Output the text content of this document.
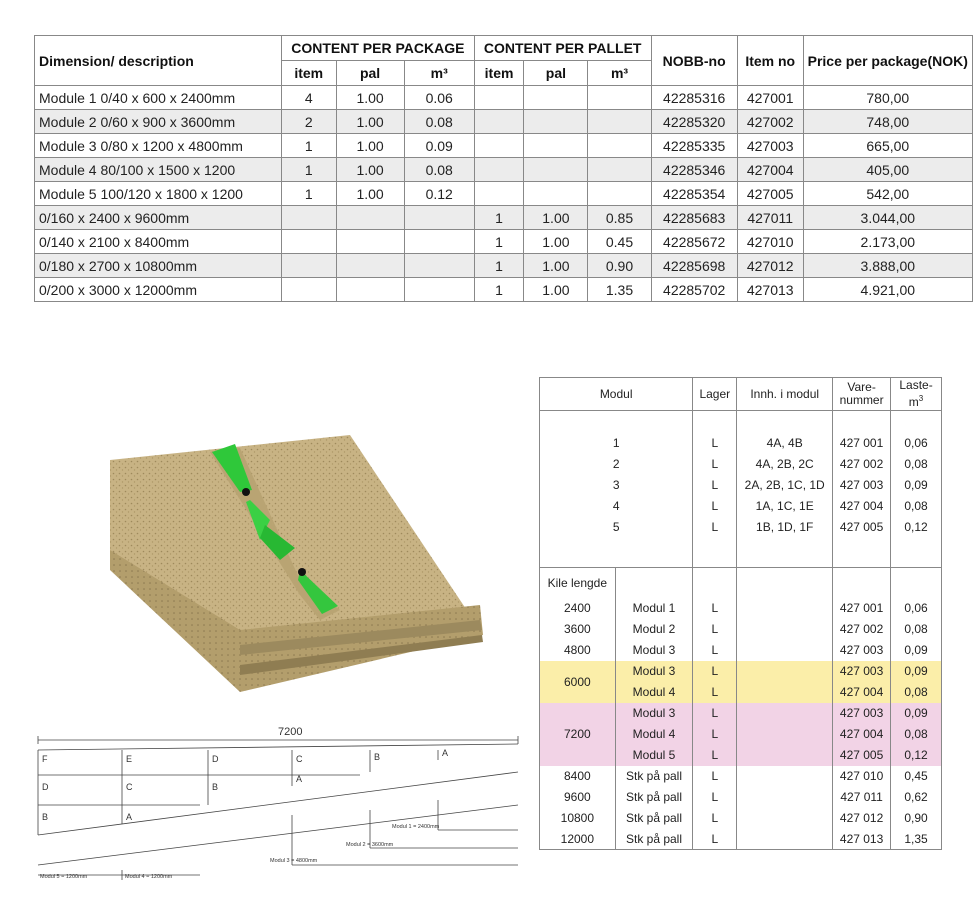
Dimension/ description	CONTENT PER PACKAGE			CONTENT PER PALLET			NOBB-no	Item no	Price per package(NOK)
	item	pal	m³	item	pal	m³			
Module 1 0/40 x 600 x 2400mm	4	1.00	0.06				42285316	427001	780,00
Module 2 0/60 x 900 x 3600mm	2	1.00	0.08				42285320	427002	748,00
Module 3 0/80 x 1200 x 4800mm	1	1.00	0.09				42285335	427003	665,00
Module 4 80/100 x 1500 x 1200	1	1.00	0.08				42285346	427004	405,00
Module 5 100/120 x 1800 x 1200	1	1.00	0.12				42285354	427005	542,00
0/160 x 2400 x 9600mm				1	1.00	0.85	42285683	427011	3.044,00
0/140 x 2100 x 8400mm				1	1.00	0.45	42285672	427010	2.173,00
0/180 x 2700 x 10800mm				1	1.00	0.90	42285698	427012	3.888,00
0/200 x 3000 x 12000mm				1	1.00	1.35	42285702	427013	4.921,00
7200
F	E	D	C	B	A
D	C	B
A
B	A
Modul 1 = 2400mm
Modul 2 = 3600mm
Modul 3 = 4800mm
Modul 5 = 1200mm	Modul 4 = 1200mm
Modul		Lager	Innh. i modul	Vare-
nummer	Laste-
$m^3$

1		L	4A, 4B	427 001	0,06
2		L	4A, 2B, 2C	427 002	0,08
3		L	2A, 2B, 1C, 1D	427 003	0,09
4		L	1A, 1C, 1E	427 004	0,08
5		L	1B, 1D, 1F	427 005	0,12

Kile lengde					
2400	Modul 1	L		427 001	0,06
3600	Modul 2	L		427 002	0,08
4800	Modul 3	L		427 003	0,09
6000	Modul 3	L		427 003	0,09
	Modul 4	L		427 004	0,08
7200	Modul 3	L		427 003	0,09
	Modul 4	L		427 004	0,08
	Modul 5	L		427 005	0,12
8400	Stk på pall	L		427 010	0,45
9600	Stk på pall	L		427 011	0,62
10800	Stk på pall	L		427 012	0,90
12000	Stk på pall	L		427 013	1,35
